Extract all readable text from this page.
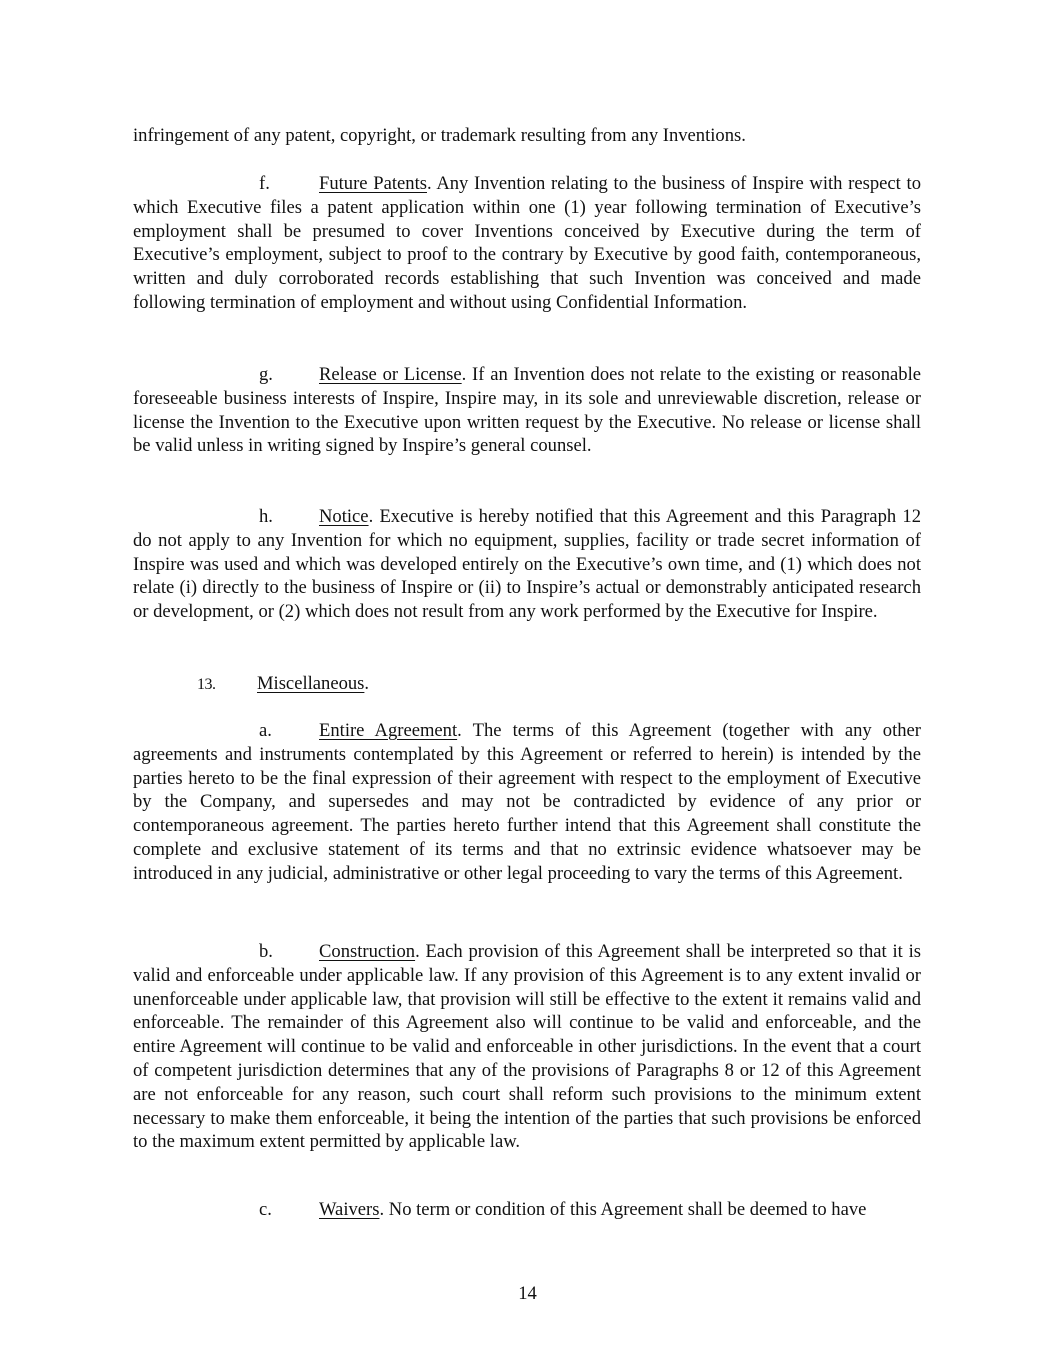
infringement of any patent, copyright, or trademark resulting from any Inventions.

f.	Future Patents. Any Invention relating to the business of Inspire with respect to which Executive files a patent application within one (1) year following termination of Executive’s employment shall be presumed to cover Inventions conceived by Executive during the term of Executive’s employment, subject to proof to the contrary by Executive by good faith, contemporaneous, written and duly corroborated records establishing that such Invention was conceived and made following termination of employment and without using Confidential Information.

g. Release or License. If an Invention does not relate to the existing or reasonable foreseeable business interests of Inspire, Inspire may, in its sole and unreviewable discretion, release or license the Invention to the Executive upon written request by the Executive. No release or license shall be valid unless in writing signed by Inspire’s general counsel.

h. Notice. Executive is hereby notified that this Agreement and this Paragraph 12 do not apply to any Invention for which no equipment, supplies, facility or trade secret information of Inspire was used and which was developed entirely on the Executive’s own time, and (1) which does not relate (i) directly to the business of Inspire or (ii) to Inspire’s actual or demonstrably anticipated research or development, or (2) which does not result from any work performed by the Executive for Inspire.

13. Miscellaneous.

a.	Entire Agreement. The terms of this Agreement (together with any other agreements and instruments contemplated by this Agreement or referred to herein) is intended by the parties hereto to be the final expression of their agreement with respect to the employment of Executive by the Company, and supersedes and may not be contradicted by evidence of any prior or contemporaneous agreement. The parties hereto further intend that this Agreement shall constitute the complete and exclusive statement of its terms and that no extrinsic evidence whatsoever may be introduced in any judicial, administrative or other legal proceeding to vary the terms of this Agreement.

b. Construction. Each provision of this Agreement shall be interpreted so that it is valid and enforceable under applicable law. If any provision of this Agreement is to any extent invalid or unenforceable under applicable law, that provision will still be effective to the extent it remains valid and enforceable. The remainder of this Agreement also will continue to be valid and enforceable, and the entire Agreement will continue to be valid and enforceable in other jurisdictions. In the event that a court of competent jurisdiction determines that any of the provisions of Paragraphs 8 or 12 of this Agreement are not enforceable for any reason, such court shall reform such provisions to the minimum extent necessary to make them enforceable, it being the intention of the parties that such provisions be enforced to the maximum extent permitted by applicable law.

c.	Waivers. No term or condition of this Agreement shall be deemed to have

14
